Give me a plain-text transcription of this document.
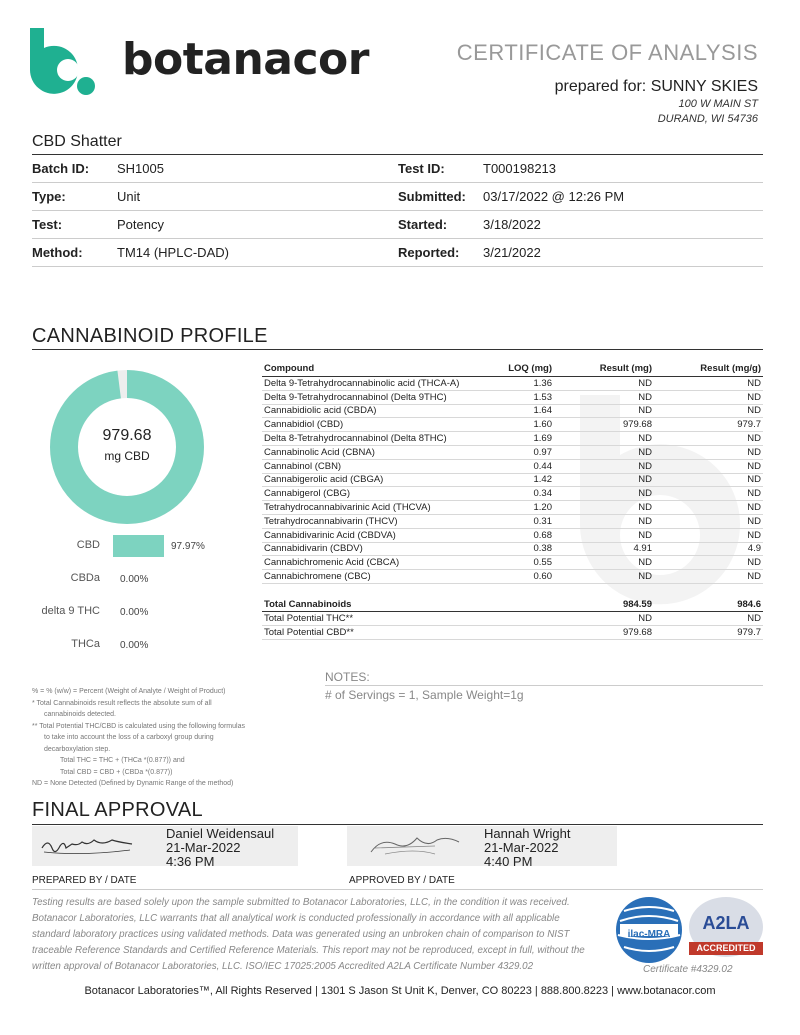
botanacor	CERTIFICATE OF ANALYSIS
prepared for: SUNNY SKIES
100 W MAIN ST
DURAND, WI 54736
CBD Shatter
Batch ID: SH1005	Test ID:	T000198213
Type:	Unit	Submitted: 03/17/2022 @ 12:26 PM
Test:	Potency	Started:	3/18/2022
Method:	TM14 (HPLC-DAD)	Reported: 3/21/2022
CANNABINOID PROFILE
979.68
mg CBD
CBD	97.97%
CBDa 0.00%
delta 9 THC 0.00%
THCa 0.00%
Compound	LOQ (mg)	Result (mg)	Result (mg/g)
Delta 9-Tetrahydrocannabinolic acid (THCA-A)	1.36	ND	ND
Delta 9-Tetrahydrocannabinol (Delta 9THC)	1.53	ND	ND
Cannabidiolic acid (CBDA)	1.64	ND	ND
Cannabidiol (CBD)	1.60	979.68	979.7
Delta 8-Tetrahydrocannabinol (Delta 8THC)	1.69	ND	ND
Cannabinolic Acid (CBNA)	0.97	ND	ND
Cannabinol (CBN)	0.44	ND	ND
Cannabigerolic acid (CBGA)	1.42	ND	ND
Cannabigerol (CBG)	0.34	ND	ND
Tetrahydrocannabivarinic Acid (THCVA)	1.20	ND	ND
Tetrahydrocannabivarin (THCV)	0.31	ND	ND
Cannabidivarinic Acid (CBDVA)	0.68	ND	ND
Cannabidivarin (CBDV)	0.38	4.91	4.9
Cannabichromenic Acid (CBCA)	0.55	ND	ND
Cannabichromene (CBC)	0.60	ND	ND
Total Cannabinoids		984.59	984.6
Total Potential THC**		ND	ND
Total Potential CBD**		979.68	979.7
NOTES:
# of Servings = 1, Sample Weight=1g
% = % (w/w) = Percent (Weight of Analyte / Weight of Product)
* Total Cannabinoids result reflects the absolute sum of all
cannabinoids detected.
** Total Potential THC/CBD is calculated using the following formulas
to take into account the loss of a carboxyl group during
decarboxylation step.
Total THC = THC + (THCa *(0.877)) and
Total CBD = CBD + (CBDa *(0.877))
ND = None Detected (Defined by Dynamic Range of the method)
FINAL APPROVAL
Daniel Weidensaul
21-Mar-2022
4:36 PM
PREPARED BY / DATE
Hannah Wright
21-Mar-2022
4:40 PM
APPROVED BY / DATE
Testing results are based solely upon the sample submitted to Botanacor Laboratories, LLC, in the condition it was received. Botanacor Laboratories, LLC warrants that all analytical work is conducted professionally in accordance with all applicable standard laboratory practices using validated methods. Data was generated using an unbroken chain of comparison to NIST traceable Reference Standards and Certified Reference Materials. This report may not be reproduced, except in full, without the written approval of Botanacor Laboratories, LLC. ISO/IEC 17025:2005 Accredited A2LA Certificate Number 4329.02
ilac-MRA
A2LA
ACCREDITED
Certificate #4329.02
Botanacor Laboratories™, All Rights Reserved | 1301 S Jason St Unit K, Denver, CO 80223 | 888.800.8223 | www.botanacor.com
